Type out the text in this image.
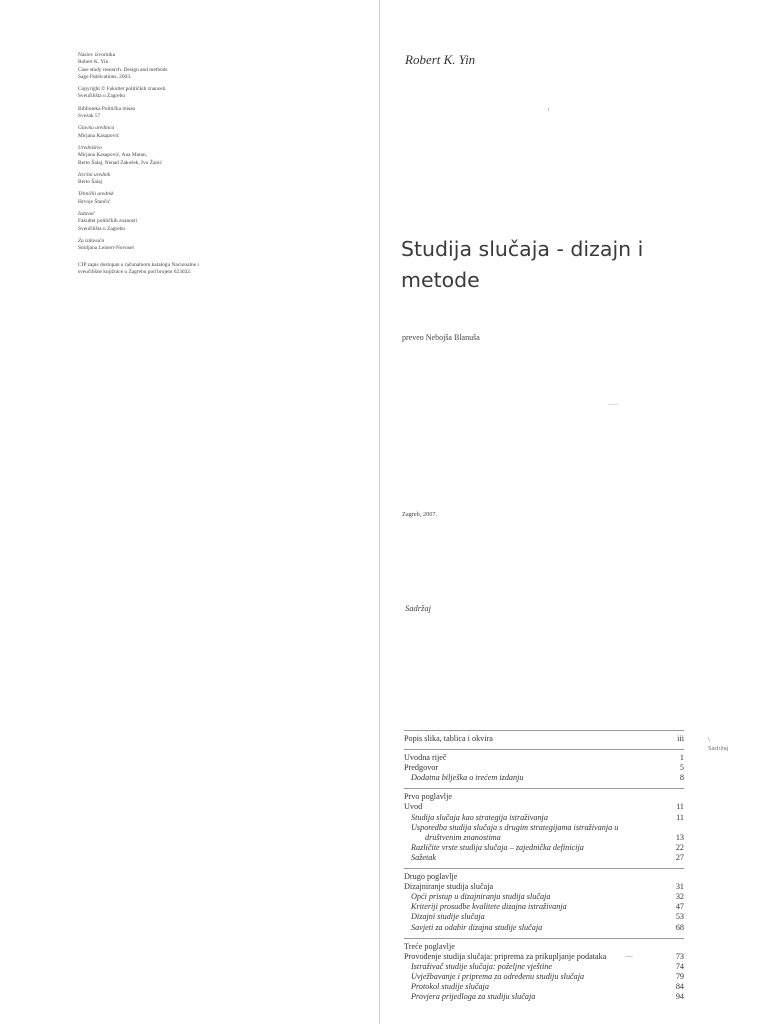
Naslov izvornika
Robert K. Yin
Case study research. Design and methods
Sage Publications, 2003.
Copyright © Fakultet političkih znanosti
Sveučilišta u Zagrebu
Biblioteka Politička misao
Svezak 57
Glavna urednica
Mirjana Kasapović
Uredništvo
Mirjana Kasapović, Ana Matan,
Berto Šalaj, Nenad Zakošek, Ivo Žanić
Izvršni urednik
Berto Šalaj
Tehnički urednik
Hrvoje Štančić
Izdavač
Fakultet političkih znanosti
Sveučilišta u Zagrebu
Za izdavača
Smiljana Leinert-Novosel
CIP zapis dostupan u računalnom katalogu Nacionalne i
sveučilišne knjižnice u Zagrebu pod brojem 623022.
Robert K. Yin
Studija slučaja - dizajn i
metode
preveo Nebojša Blanuša
Zagreb, 2007.
Sadržaj
\
Sadržaj
Popis slika, tablica i okvira	iii
Uvodna riječ	1
Predgovor	5
Dodatna bilješka o trećem izdanju	8
Prvo poglavlje
Uvod	11
Studija slučaja kao strategija istraživanja	11
Usporedba studija slučaja s drugim strategijama istraživanja u
društvenim znanostima	13
Različite vrste studija slučaja – zajednička definicija	22
Sažetak	27
Drugo poglavlje
Dizajniranje studija slučaja	31
Opći pristup u dizajniranju studija slučaja	32
Kriteriji prosudbe kvalitete dizajna istraživanja	47
Dizajni studije slučaja	53
Savjeti za odabir dizajna studije slučaja	68
Treće poglavlje
Provođenje studija slučaja: priprema za prikupljanje podataka	73
Istraživač studije slučaja: poželjne vještine	74
Uvježbavanje i priprema za određenu studiju slučaja	79
Protokol studije slučaja	84
Provjera prijedloga za studiju slučaja	94
